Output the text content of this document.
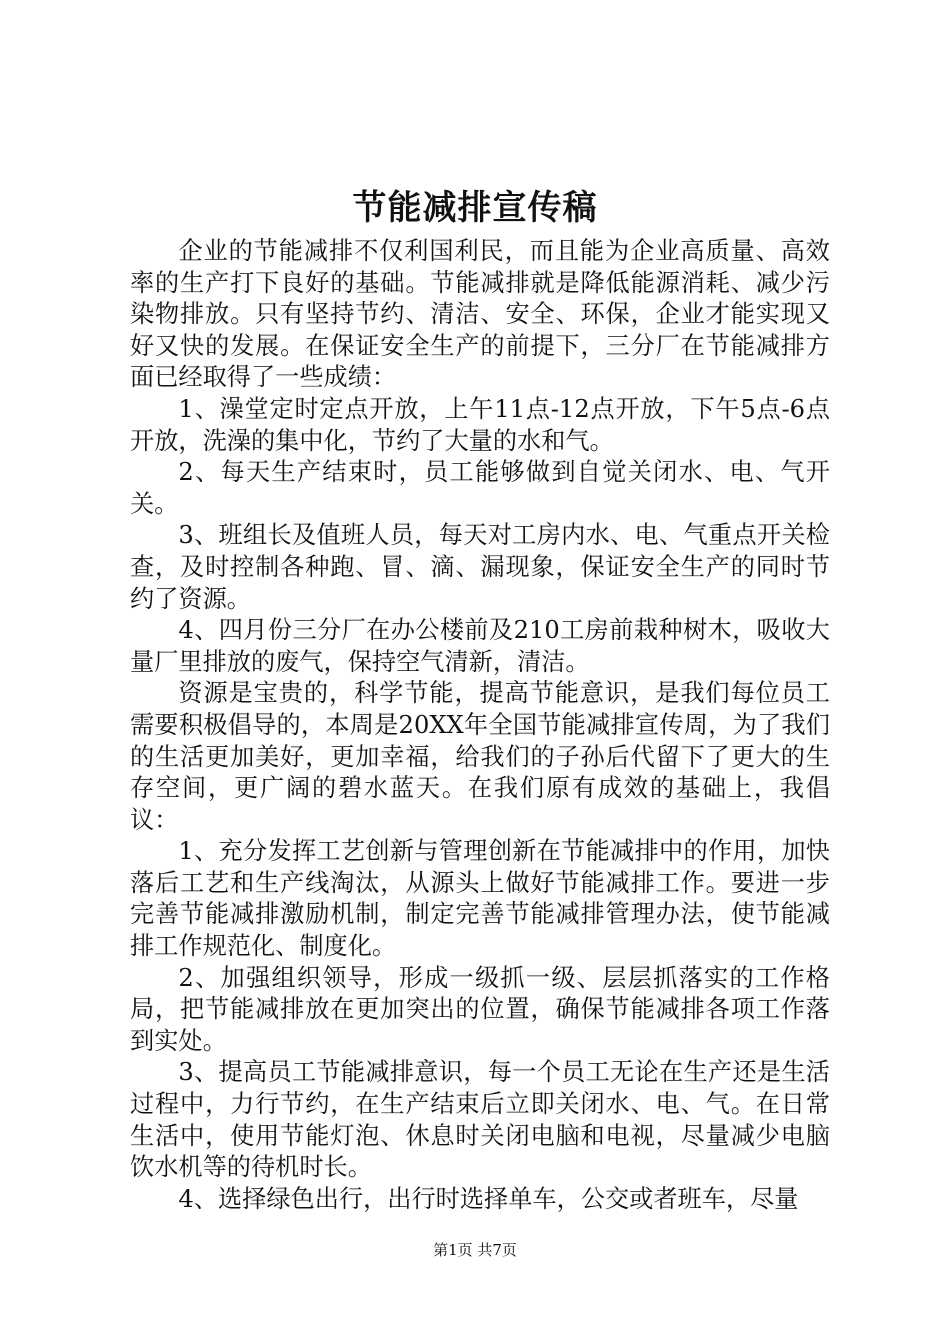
节能减排宣传稿

企业的节能减排不仅利国利民，而且能为企业高质量、高效率的生产打下良好的基础。节能减排就是降低能源消耗、减少污染物排放。只有坚持节约、清洁、安全、环保，企业才能实现又好又快的发展。在保证安全生产的前提下，三分厂在节能减排方面已经取得了一些成绩：

1、澡堂定时定点开放，上午11点-12点开放，下午5点-6点开放，洗澡的集中化，节约了大量的水和气。

2、每天生产结束时，员工能够做到自觉关闭水、电、气开关。

3、班组长及值班人员，每天对工房内水、电、气重点开关检查，及时控制各种跑、冒、滴、漏现象，保证安全生产的同时节约了资源。

4、四月份三分厂在办公楼前及210工房前栽种树木，吸收大量厂里排放的废气，保持空气清新，清洁。

资源是宝贵的，科学节能，提高节能意识，是我们每位员工需要积极倡导的，本周是20XX年全国节能减排宣传周，为了我们的生活更加美好，更加幸福，给我们的子孙后代留下了更大的生存空间，更广阔的碧水蓝天。在我们原有成效的基础上，我倡议：

1、充分发挥工艺创新与管理创新在节能减排中的作用，加快落后工艺和生产线淘汰，从源头上做好节能减排工作。要进一步完善节能减排激励机制，制定完善节能减排管理办法，使节能减排工作规范化、制度化。

2、加强组织领导，形成一级抓一级、层层抓落实的工作格局，把节能减排放在更加突出的位置，确保节能减排各项工作落到实处。

3、提高员工节能减排意识，每一个员工无论在生产还是生活过程中，力行节约，在生产结束后立即关闭水、电、气。在日常生活中，使用节能灯泡、休息时关闭电脑和电视，尽量减少电脑饮水机等的待机时长。

4、选择绿色出行，出行时选择单车，公交或者班车，尽量

第1页 共7页
